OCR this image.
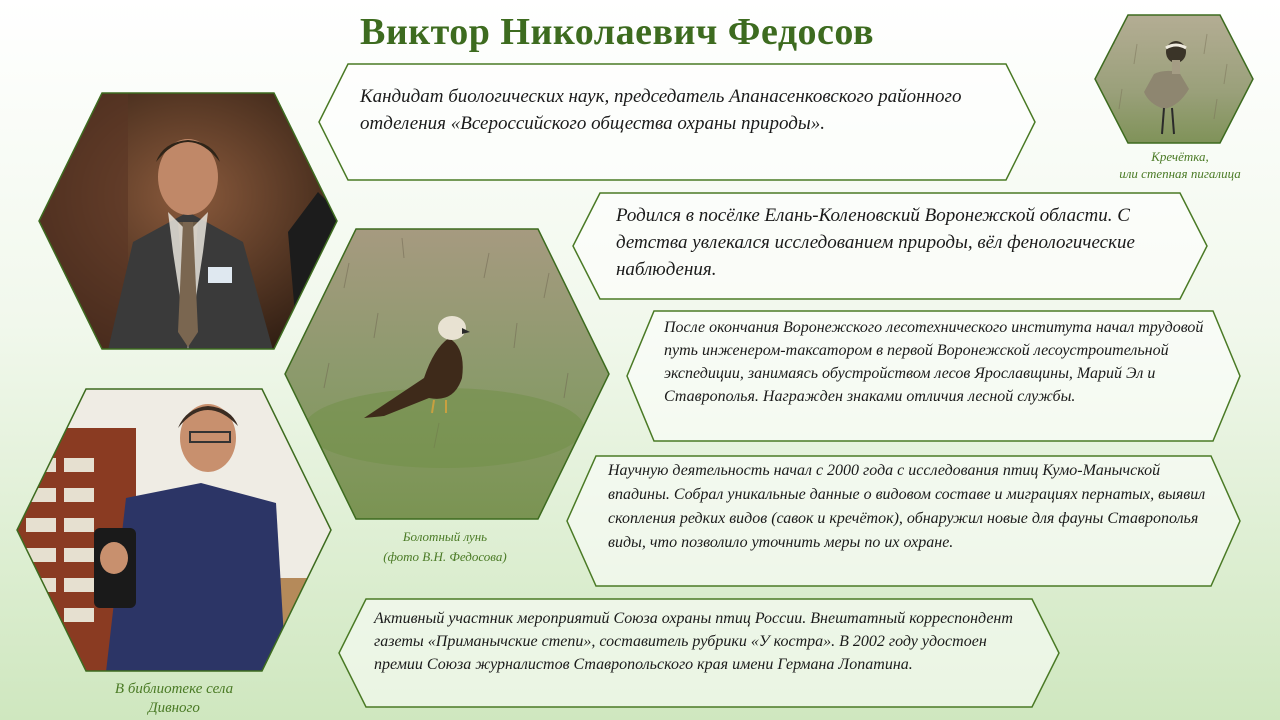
Виктор Николаевич Федосов
Кандидат биологических наук, председатель Апанасенковского районного отделения «Всероссийского общества охраны природы».
Родился в посёлке Елань-Коленовский Воронежской области. С детства увлекался исследованием природы, вёл фенологические наблюдения.
После окончания Воронежского лесотехнического института начал трудовой путь инженером-таксатором в первой Воронежской лесоустроительной экспедиции, занимаясь обустройством лесов Ярославщины, Марий Эл и Ставрополья. Награжден знаками отличия лесной службы.
Научную деятельность начал с 2000 года с исследования птиц Кумо-Манычской впадины. Собрал уникальные данные о видовом составе и миграциях пернатых, выявил скопления редких видов (савок и кречёток), обнаружил новые для фауны Ставрополья виды, что позволило уточнить меры по их охране.
Активный участник мероприятий Союза охраны птиц России. Внештатный корреспондент газеты «Приманычские степи», составитель рубрики «У костра». В 2002 году удостоен премии Союза журналистов Ставропольского края имени Германа Лопатина.
Кречётка,
или степная пигалица
Болотный лунь
(фото В.Н. Федосова)
В библиотеке села
Дивного
